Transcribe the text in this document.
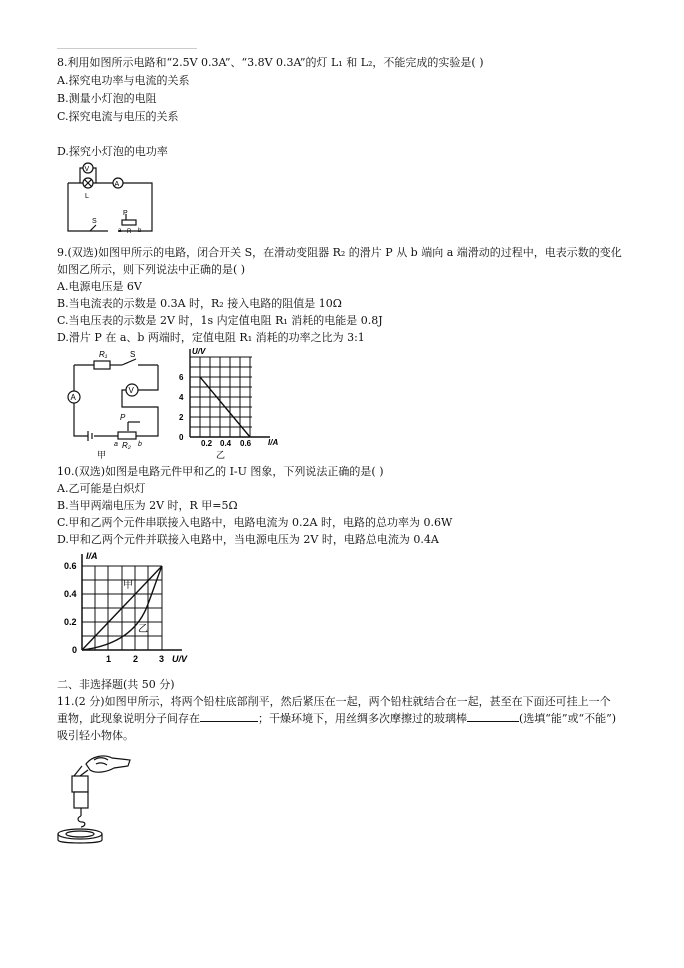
8.利用如图所示电路和“2.5V 0.3A”、“3.8V 0.3A”的灯 L₁ 和 L₂，不能完成的实验是( )
A.探究电功率与电流的关系
B.测量小灯泡的电阻
C.探究电流与电压的关系
D.探究小灯泡的电功率
V
A
L
S
P
a R b
9.(双选)如图甲所示的电路，闭合开关 S，在滑动变阻器 R₂ 的滑片 P 从 b 端向 a 端滑动的过程中，电表示数的变化
如图乙所示，则下列说法中正确的是( )
A.电源电压是 6V
B.当电流表的示数是 0.3A 时，R₂ 接入电路的阻值是 10Ω
C.当电压表的示数是 2V 时，1s 内定值电阻 R₁ 消耗的电能是 0.8J
D.滑片 P 在 a、b 两端时，定值电阻 R₁ 消耗的功率之比为 3:1
R₁	S
A
V
P
a R₂ b
甲
U/V
I/A
6
4
2
0
0.2 0.4 0.6
乙
10.(双选)如图是电路元件甲和乙的 I-U 图象，下列说法正确的是( )
A.乙可能是白炽灯
B.当甲两端电压为 2V 时，R 甲=5Ω
C.甲和乙两个元件串联接入电路中，电路电流为 0.2A 时，电路的总功率为 0.6W
D.甲和乙两个元件并联接入电路中，当电源电压为 2V 时，电路总电流为 0.4A
I/A
U/V
0.6
0.4
0.2
0
1 2 3
甲
乙
二、非选择题(共 50 分)
11.(2 分)如图甲所示，将两个铅柱底部削平，然后紧压在一起，两个铅柱就结合在一起，甚至在下面还可挂上一个
重物，此现象说明分子间存在	；干燥环境下，用丝绸多次摩擦过的玻璃棒	(选填“能”或“不能”)
吸引轻小物体。
